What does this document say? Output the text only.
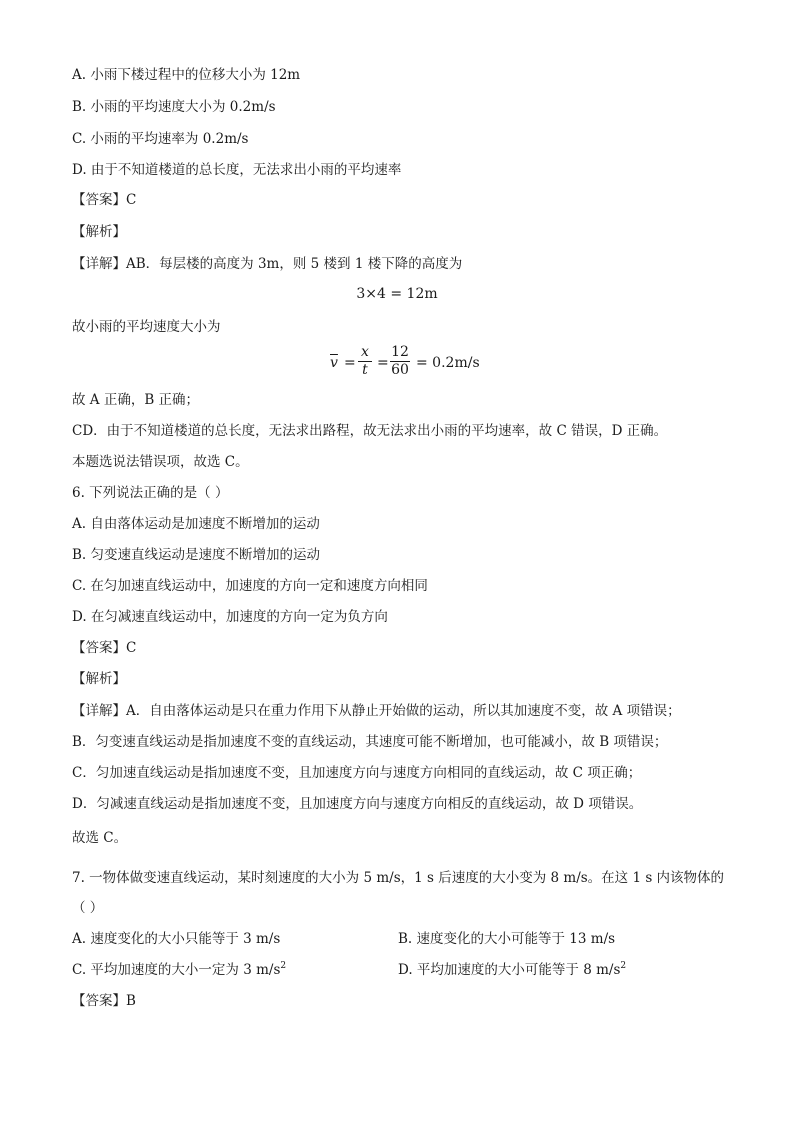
A. 小雨下楼过程中的位移大小为 12m
B. 小雨的平均速度大小为 0.2m/s
C. 小雨的平均速率为 0.2m/s
D. 由于不知道楼道的总长度，无法求出小雨的平均速率
【答案】C
【解析】
【详解】AB．每层楼的高度为 3m，则 5 楼到 1 楼下降的高度为
3×4 = 12m
故小雨的平均速度大小为
$\overline{v}$ =
x
t =
12
60 = 0.2m/s
故 A 正确，B 正确；
CD．由于不知道楼道的总长度，无法求出路程，故无法求出小雨的平均速率，故 C 错误，D 正确。
本题选说法错误项，故选 C。
6. 下列说法正确的是（ ）
A. 自由落体运动是加速度不断增加的运动
B. 匀变速直线运动是速度不断增加的运动
C. 在匀加速直线运动中，加速度的方向一定和速度方向相同
D. 在匀减速直线运动中，加速度的方向一定为负方向
【答案】C
【解析】
【详解】A．自由落体运动是只在重力作用下从静止开始做的运动，所以其加速度不变，故 A 项错误；
B．匀变速直线运动是指加速度不变的直线运动，其速度可能不断增加，也可能减小，故 B 项错误；
C．匀加速直线运动是指加速度不变，且加速度方向与速度方向相同的直线运动，故 C 项正确；
D．匀减速直线运动是指加速度不变，且加速度方向与速度方向相反的直线运动，故 D 项错误。
故选 C。
7. 一物体做变速直线运动，某时刻速度的大小为 5 m/s，1 s 后速度的大小变为 8 m/s。在这 1 s 内该物体的
（ ）
A. 速度变化的大小只能等于 3 m/s	B. 速度变化的大小可能等于 13 m/s
C. 平均加速度的大小一定为 3 $m/s^2$	D. 平均加速度的大小可能等于 8 $m/s^2$
【答案】B
